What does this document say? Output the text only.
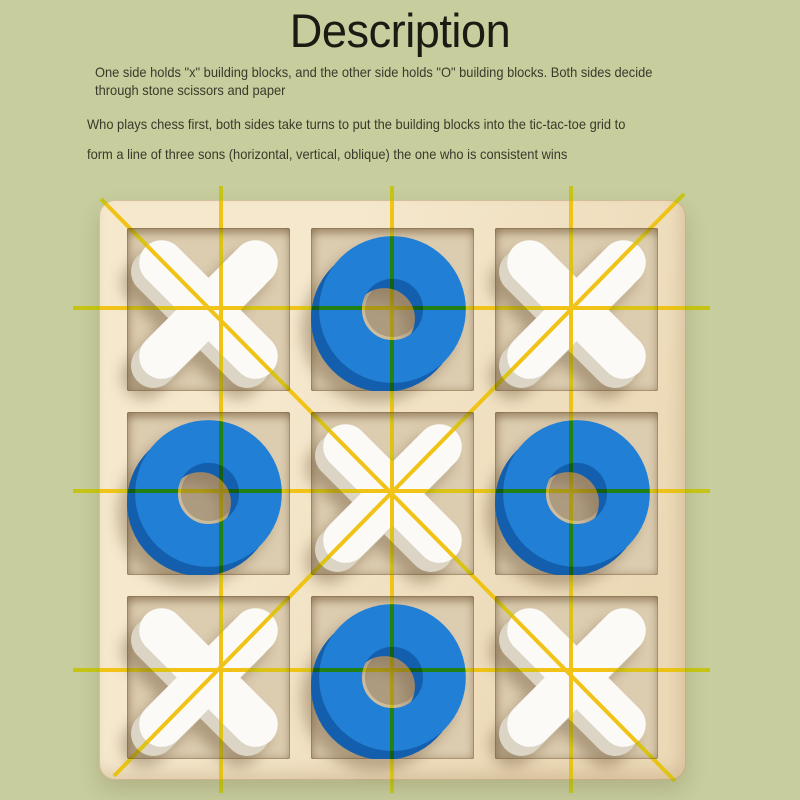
Description

One side holds "x" building blocks, and the other side holds "O" building blocks. Both sides decide
through stone scissors and paper

Who plays chess first, both sides take turns to put the building blocks into the tic-tac-toe grid to

form a line of three sons (horizontal, vertical, oblique) the one who is consistent wins
